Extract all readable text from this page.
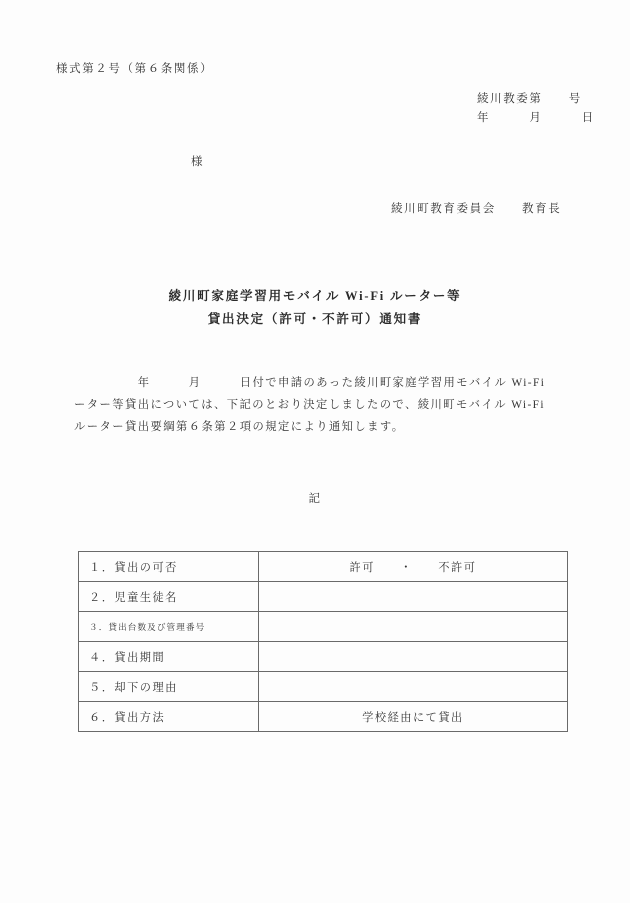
様式第２号（第６条関係）
綾川教委第　　号
年　　　月　　　日
様
綾川町教育委員会　　教育長
綾川町家庭学習用モバイル Wi-Fi ルーター等
貸出決定（許可・不許可）通知書
　　　　　年　　　月　　　日付で申請のあった綾川町家庭学習用モバイル Wi-Fi
ーター等貸出については、下記のとおり決定しましたので、綾川町モバイル Wi-Fi
ルーター貸出要綱第６条第２項の規定により通知します。
記
１．貸出の可否	許可　　・　　不許可
２．児童生徒名	
３．貸出台数及び管理番号	
４．貸出期間	
５．却下の理由	
６．貸出方法	学校経由にて貸出
